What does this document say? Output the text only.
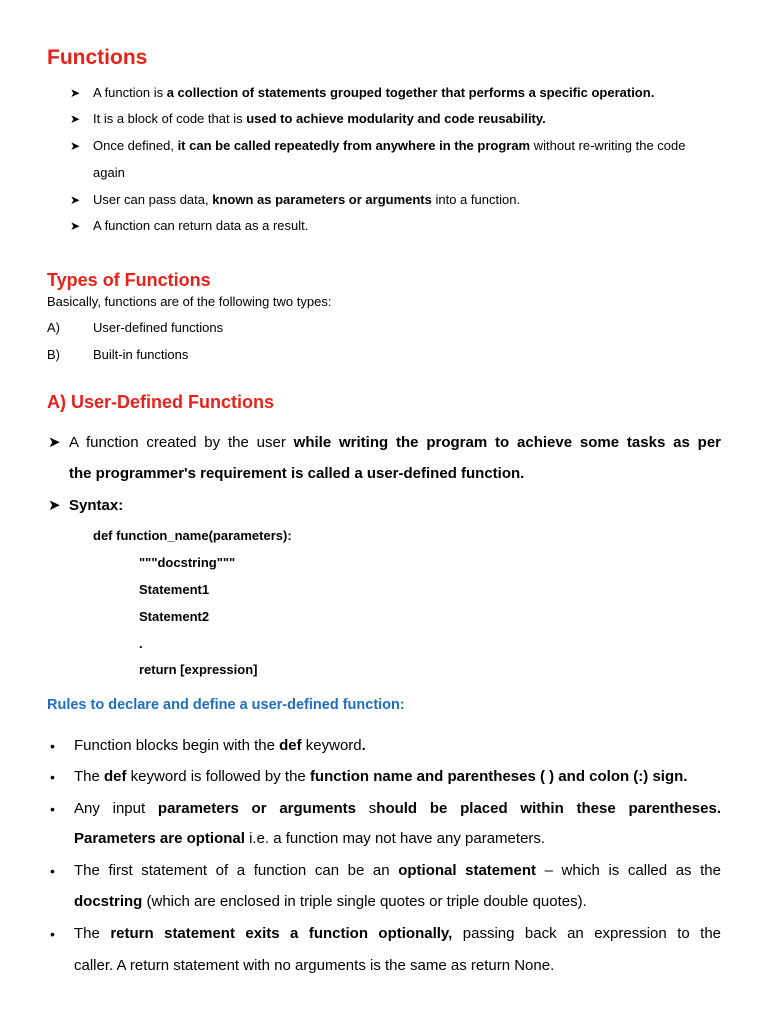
Functions
➤ A function is a collection of statements grouped together that performs a specific operation.
➤ It is a block of code that is used to achieve modularity and code reusability.
➤ Once defined, it can be called repeatedly from anywhere in the program without re-writing the code
again
➤ User can pass data, known as parameters or arguments into a function.
➤ A function can return data as a result.
Types of Functions
Basically, functions are of the following two types:
A)	User-defined functions
B)	Built-in functions
A) User-Defined Functions
➤ A function created by the user while writing the program to achieve some tasks as per
the programmer's requirement is called a user-defined function.
➤ Syntax:
def function_name(parameters):
"""docstring"""
Statement1
Statement2
.
return [expression]
Rules to declare and define a user-defined function:
• Function blocks begin with the def keyword.
• The def keyword is followed by the function name and parentheses ( ) and colon (:) sign.
• Any input parameters or arguments should be placed within these parentheses.
Parameters are optional i.e. a function may not have any parameters.
• The first statement of a function can be an optional statement – which is called as the
docstring (which are enclosed in triple single quotes or triple double quotes).
• The return statement exits a function optionally, passing back an expression to the
caller. A return statement with no arguments is the same as return None.
